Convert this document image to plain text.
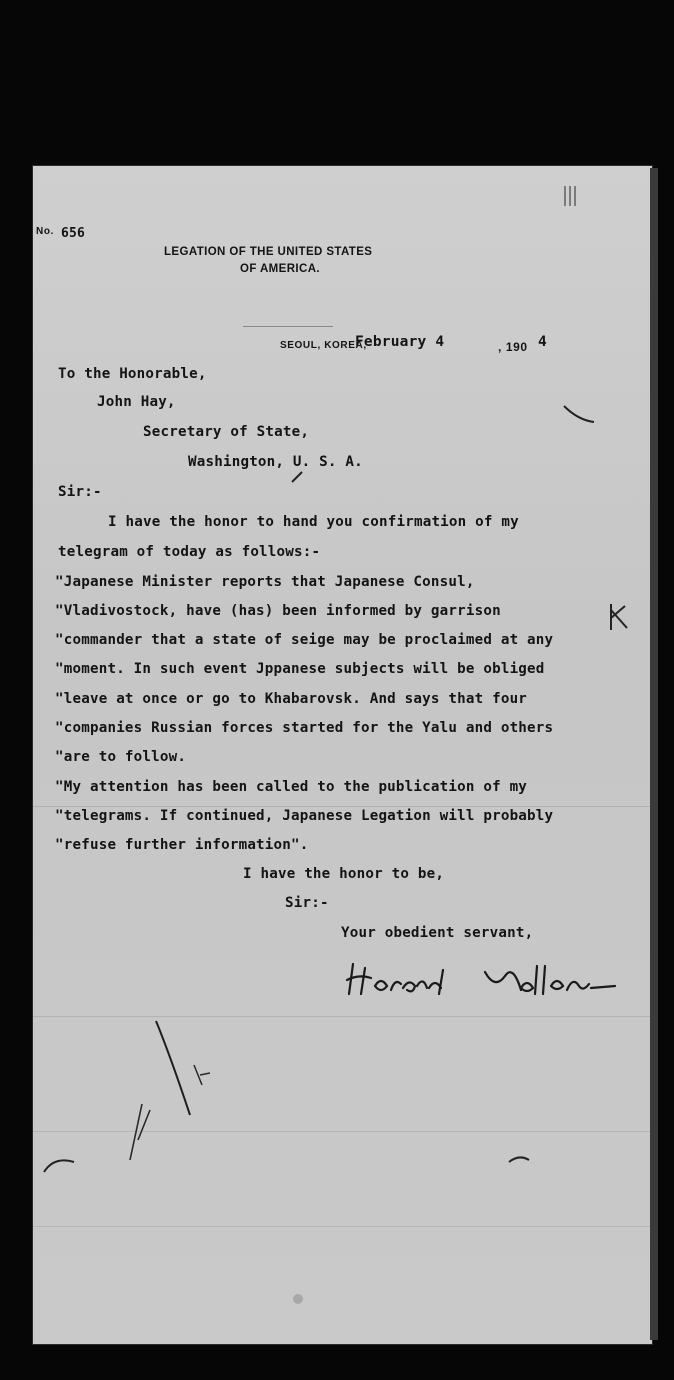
No. 656
LEGATION OF THE UNITED STATES
OF AMERICA.
SEOUL, KOREA,
February 4	, 190 4
To the Honorable,
John Hay,
Secretary of State,
Washington, U. S. A.
Sir:-
I have the honor to hand you confirmation of my
telegram of today as follows:-
"Japanese Minister reports that Japanese Consul,
"Vladivostock, have (has) been informed by garrison
"commander that a state of seige may be proclaimed at any
"moment. In such event Jppanese subjects will be obliged
"leave at once or go to Khabarovsk. And says that four
"companies Russian forces started for the Yalu and others
"are to follow.
"My attention has been called to the publication of my
"telegrams. If continued, Japanese Legation will probably
"refuse further information".
I have the honor to be,
Sir:-
Your obedient servant,
